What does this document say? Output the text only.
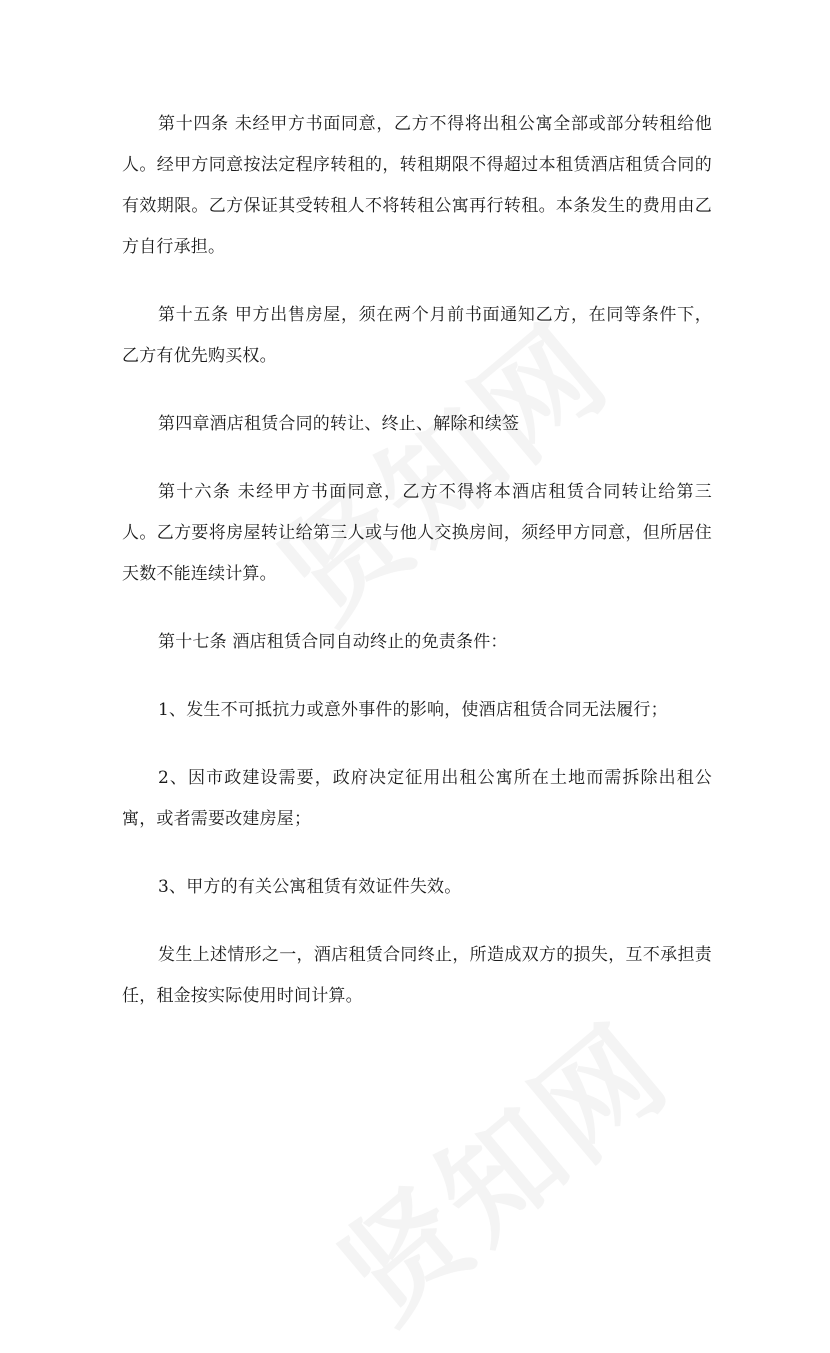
第十四条 未经甲方书面同意，乙方不得将出租公寓全部或部分转租给他人。经甲方同意按法定程序转租的，转租期限不得超过本租赁酒店租赁合同的有效期限。乙方保证其受转租人不将转租公寓再行转租。本条发生的费用由乙方自行承担。

第十五条 甲方出售房屋，须在两个月前书面通知乙方，在同等条件下，乙方有优先购买权。

第四章酒店租赁合同的转让、终止、解除和续签

第十六条 未经甲方书面同意，乙方不得将本酒店租赁合同转让给第三人。乙方要将房屋转让给第三人或与他人交换房间，须经甲方同意，但所居住天数不能连续计算。

第十七条 酒店租赁合同自动终止的免责条件：

1、发生不可抵抗力或意外事件的影响，使酒店租赁合同无法履行；

2、因市政建设需要，政府决定征用出租公寓所在土地而需拆除出租公寓，或者需要改建房屋；

3、甲方的有关公寓租赁有效证件失效。

发生上述情形之一，酒店租赁合同终止，所造成双方的损失，互不承担责任，租金按实际使用时间计算。
